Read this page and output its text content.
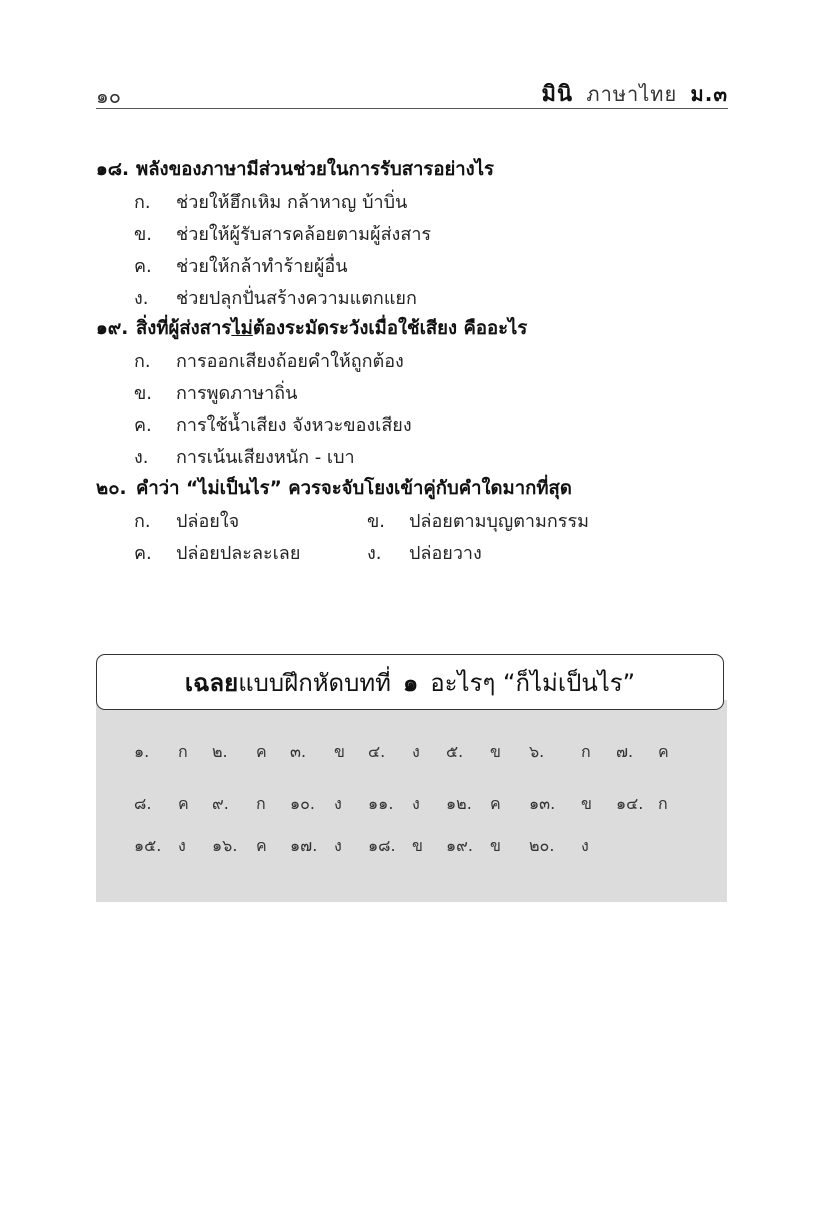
๑๐	มินิ ภาษาไทย ม.๓
๑๘. พลังของภาษามีส่วนช่วยในการรับสารอย่างไร
ก. ช่วยให้ฮึกเหิม กล้าหาญ บ้าบิ่น
ข. ช่วยให้ผู้รับสารคล้อยตามผู้ส่งสาร
ค. ช่วยให้กล้าทำร้ายผู้อื่น
ง. ช่วยปลุกปั่นสร้างความแตกแยก
๑๙. สิ่งที่ผู้ส่งสารไม่ต้องระมัดระวังเมื่อใช้เสียง คืออะไร
ก. การออกเสียงถ้อยคำให้ถูกต้อง
ข. การพูดภาษาถิ่น
ค. การใช้น้ำเสียง จังหวะของเสียง
ง. การเน้นเสียงหนัก - เบา
๒๐. คำว่า “ไม่เป็นไร” ควรจะจับโยงเข้าคู่กับคำใดมากที่สุด
ก. ปล่อยใจ	ข. ปล่อยตามบุญตามกรรม
ค. ปล่อยปละละเลย	ง. ปล่อยวาง
เฉลยแบบฝึกหัดบทที่ ๑ อะไรๆ “ก็ไม่เป็นไร”
๑. ก ๒. ค ๓. ข ๔. ง ๕. ข ๖. ก ๗. ค
๘. ค ๙. ก ๑๐. ง ๑๑. ง ๑๒. ค ๑๓. ข ๑๔. ก
๑๕. ง ๑๖. ค ๑๗. ง ๑๘. ข ๑๙. ข ๒๐. ง
